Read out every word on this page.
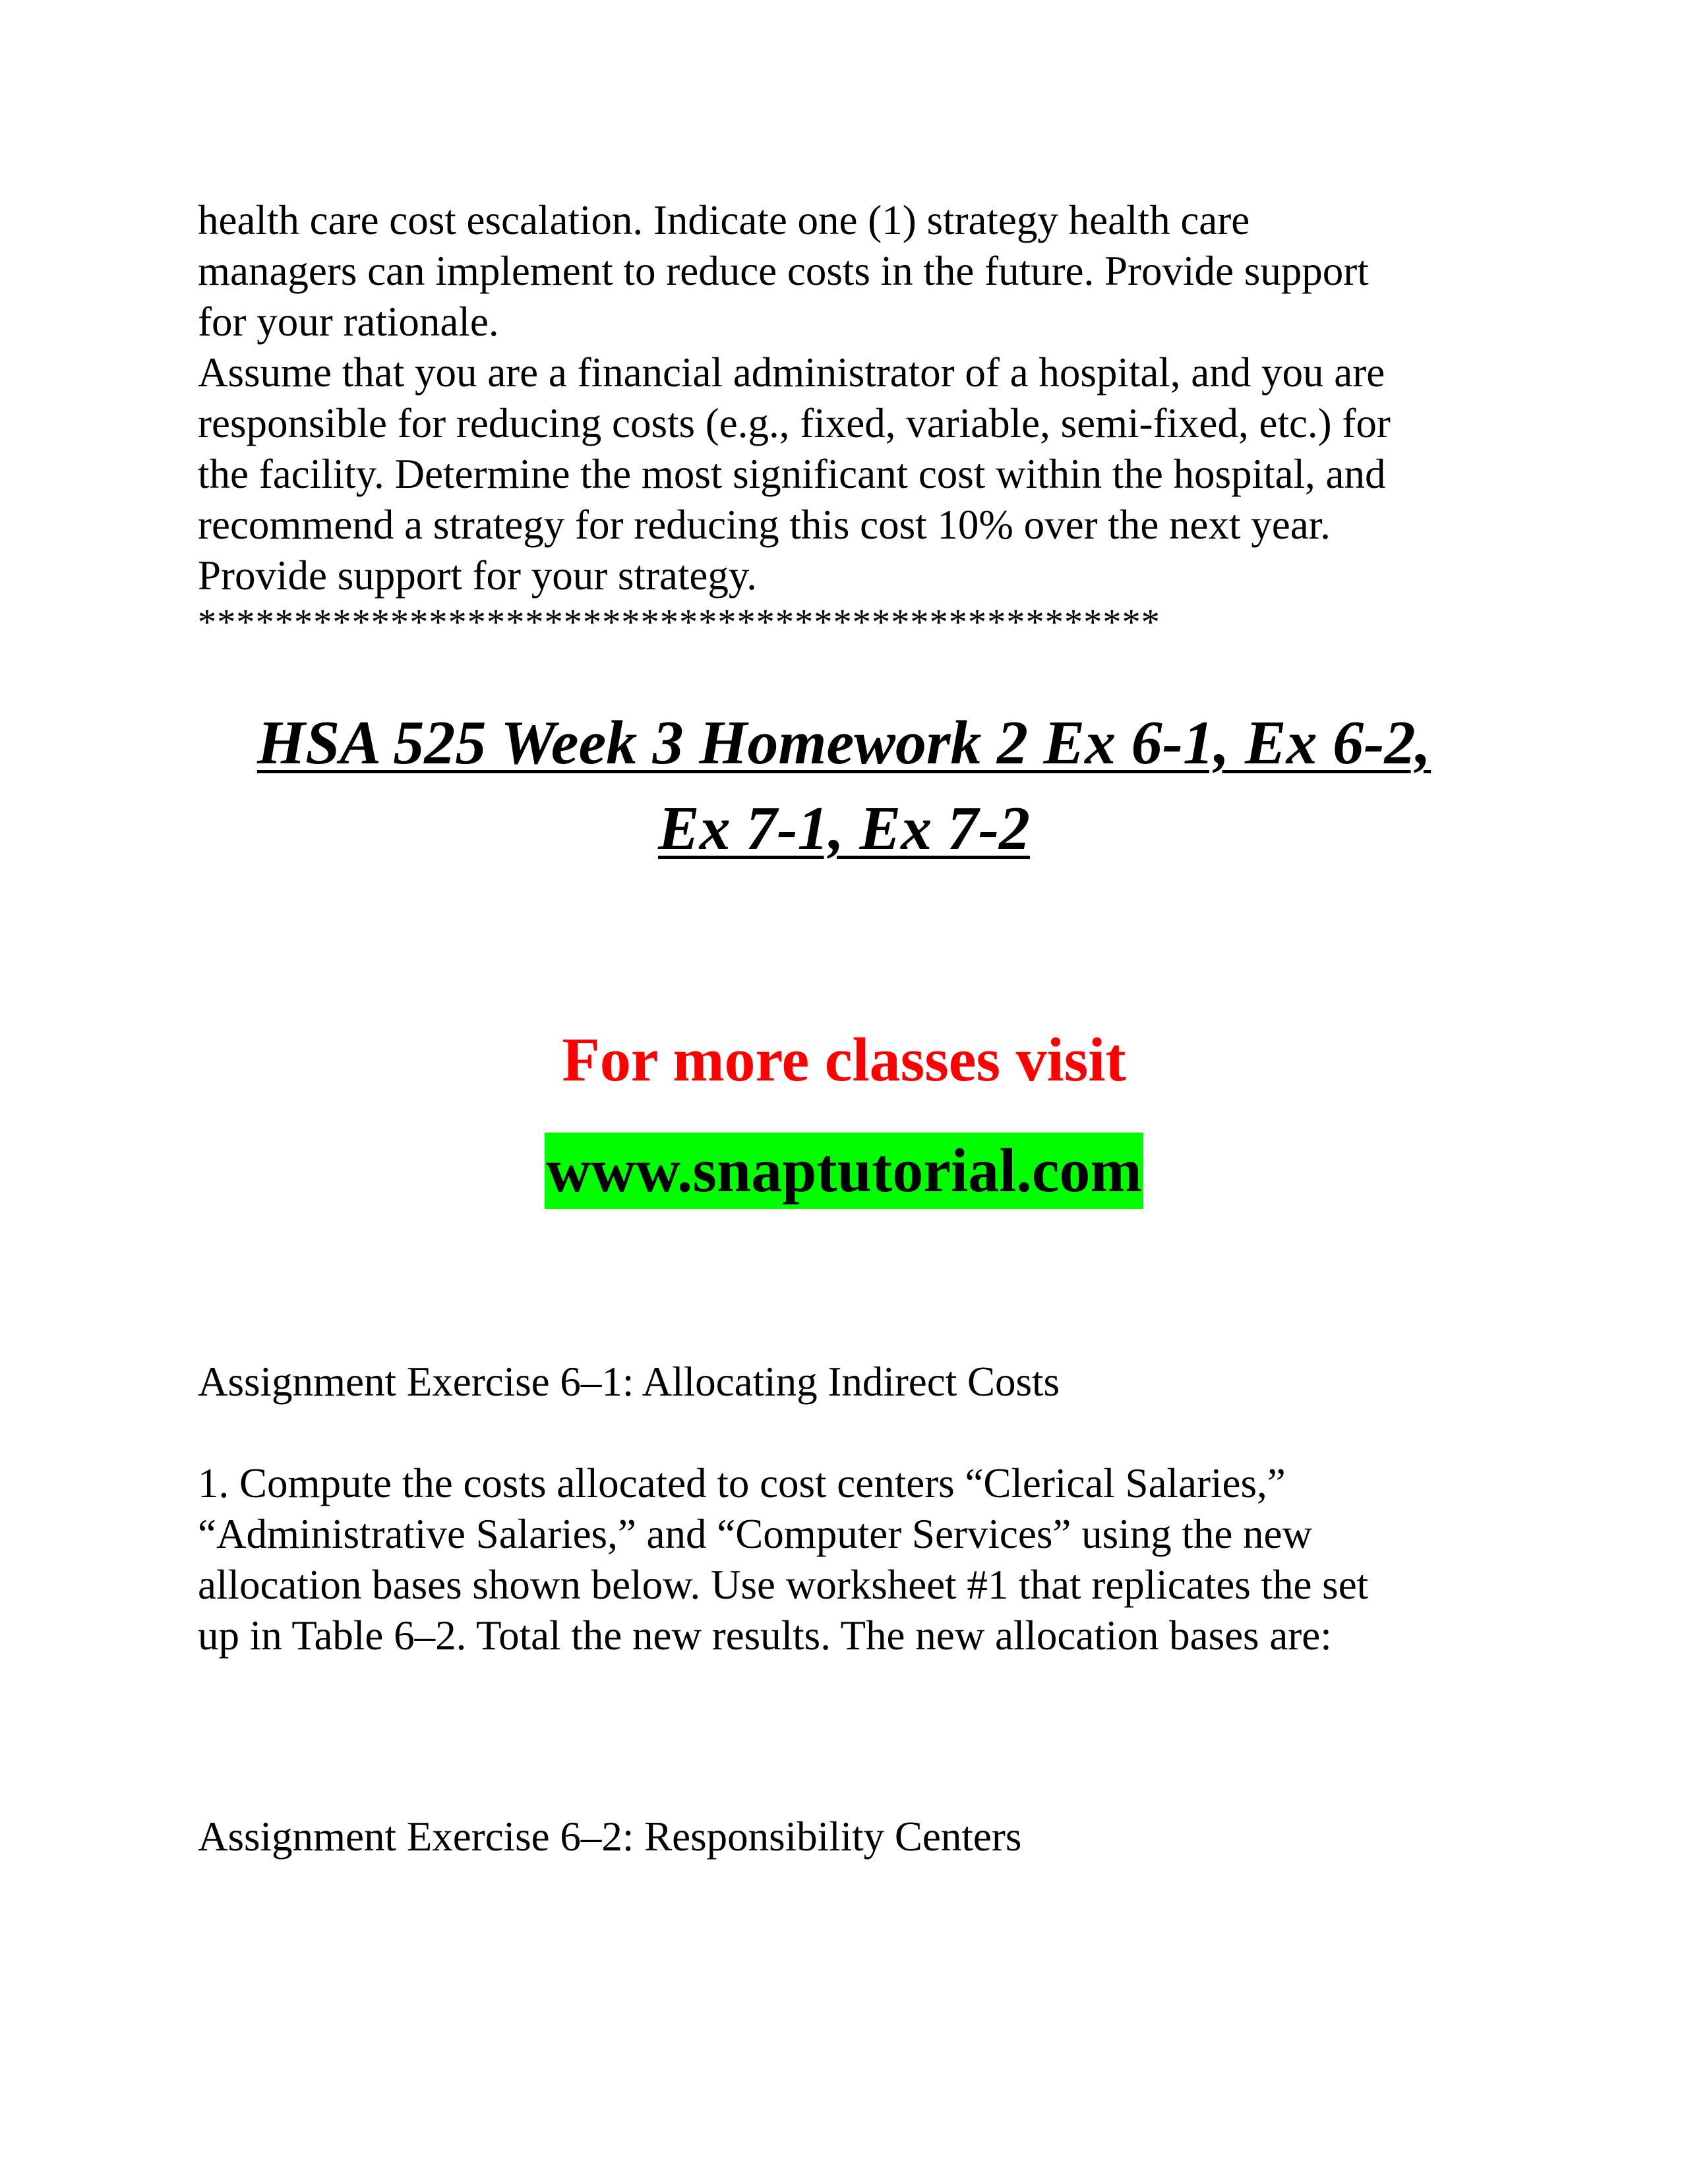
health care cost escalation. Indicate one (1) strategy health care
managers can implement to reduce costs in the future. Provide support
for your rationale.
Assume that you are a financial administrator of a hospital, and you are
responsible for reducing costs (e.g., fixed, variable, semi-fixed, etc.) for
the facility. Determine the most significant cost within the hospital, and
recommend a strategy for reducing this cost 10% over the next year.
Provide support for your strategy.
**************************************************
HSA 525 Week 3 Homework 2 Ex 6-1, Ex 6-2,
Ex 7-1, Ex 7-2

For more classes visit

www.snaptutorial.com

Assignment Exercise 6–1: Allocating Indirect Costs

1. Compute the costs allocated to cost centers “Clerical Salaries,”
“Administrative Salaries,” and “Computer Services” using the new
allocation bases shown below. Use worksheet #1 that replicates the set
up in Table 6–2. Total the new results. The new allocation bases are:

Assignment Exercise 6–2: Responsibility Centers
